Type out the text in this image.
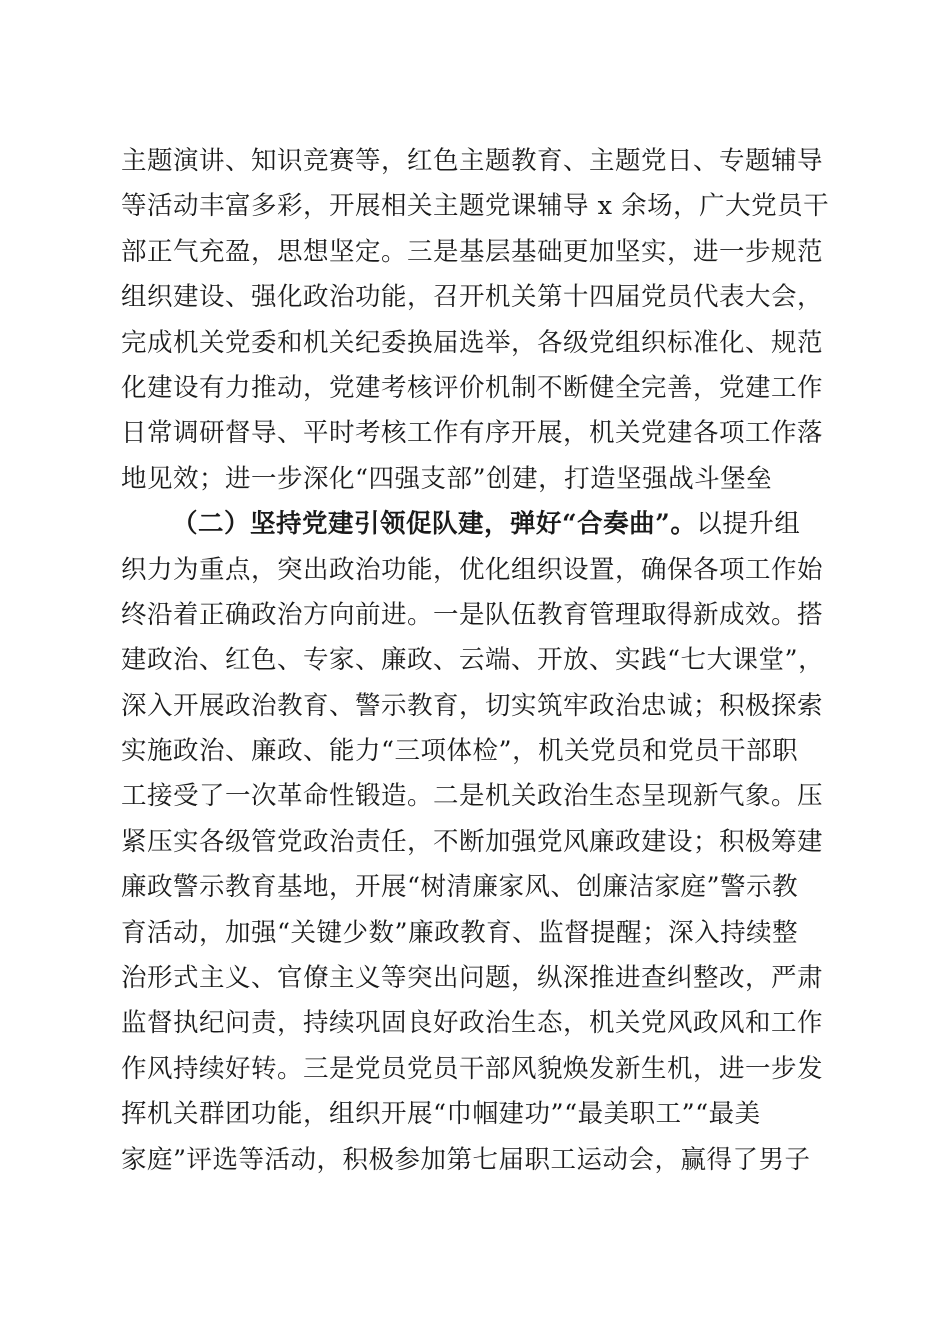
主题演讲、知识竞赛等，红色主题教育、主题党日、专题辅导
等活动丰富多彩，开展相关主题党课辅导 x 余场，广大党员干
部正气充盈，思想坚定。三是基层基础更加坚实，进一步规范
组织建设、强化政治功能，召开机关第十四届党员代表大会，
完成机关党委和机关纪委换届选举，各级党组织标准化、规范
化建设有力推动，党建考核评价机制不断健全完善，党建工作
日常调研督导、平时考核工作有序开展，机关党建各项工作落
地见效；进一步深化“四强支部”创建，打造坚强战斗堡垒
（二）坚持党建引领促队建，弹好“合奏曲”。以提升组
织力为重点，突出政治功能，优化组织设置，确保各项工作始
终沿着正确政治方向前进。一是队伍教育管理取得新成效。搭
建政治、红色、专家、廉政、云端、开放、实践“七大课堂”，
深入开展政治教育、警示教育，切实筑牢政治忠诚；积极探索
实施政治、廉政、能力“三项体检”，机关党员和党员干部职
工接受了一次革命性锻造。二是机关政治生态呈现新气象。压
紧压实各级管党政治责任，不断加强党风廉政建设；积极筹建
廉政警示教育基地，开展“树清廉家风、创廉洁家庭”警示教
育活动，加强“关键少数”廉政教育、监督提醒；深入持续整
治形式主义、官僚主义等突出问题，纵深推进查纠整改，严肃
监督执纪问责，持续巩固良好政治生态，机关党风政风和工作
作风持续好转。三是党员党员干部风貌焕发新生机，进一步发
挥机关群团功能，组织开展“巾帼建功”“最美职工”“最美
家庭”评选等活动，积极参加第七届职工运动会，赢得了男子
